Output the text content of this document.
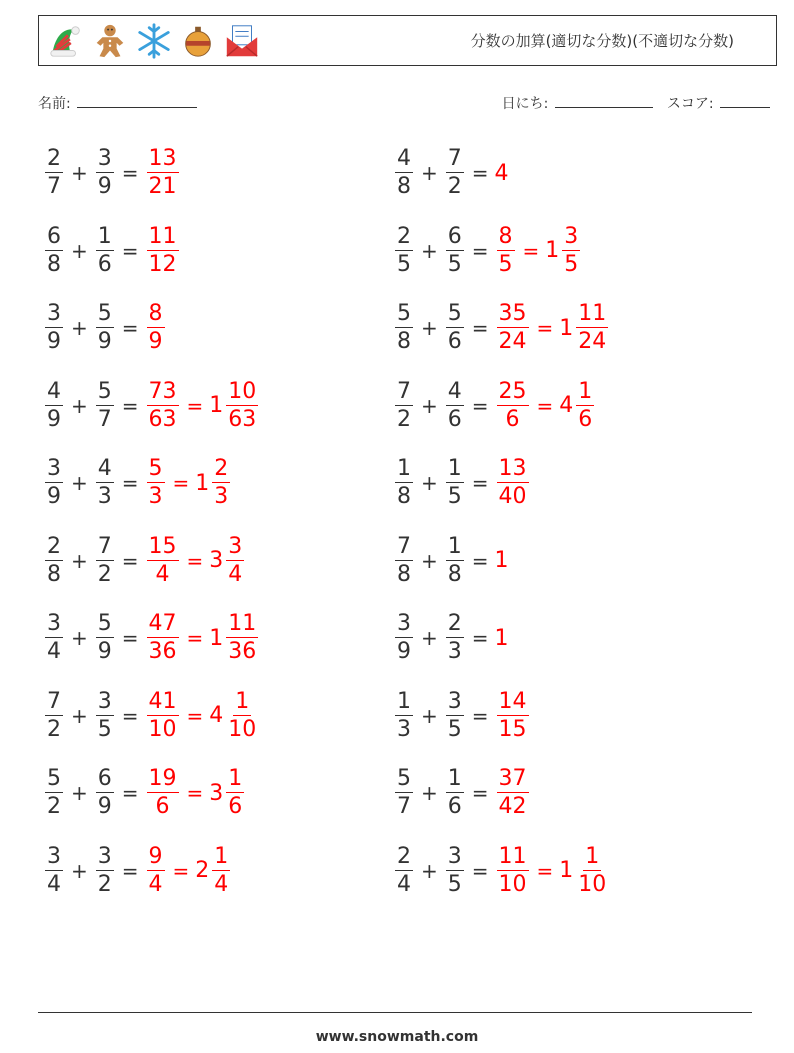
分数の加算(適切な分数)(不適切な分数)
名前:	日にち:	スコア:
$\frac{2}{7} + \frac{3}{9} = \frac{13}{21}$	$\frac{4}{8} + \frac{7}{2} = 4$
$\frac{6}{8} + \frac{1}{6} = \frac{11}{12}$	$\frac{2}{5} + \frac{6}{5} = \frac{8}{5} = 1 \frac{3}{5}$
$\frac{3}{9} + \frac{5}{9} = \frac{8}{9}$	$\frac{5}{8} + \frac{5}{6} = \frac{35}{24} = 1 \frac{11}{24}$
$\frac{4}{9} + \frac{5}{7} = \frac{73}{63} = 1 \frac{10}{63}$	$\frac{7}{2} + \frac{4}{6} = \frac{25}{6} = 4 \frac{1}{6}$
$\frac{3}{9} + \frac{4}{3} = \frac{5}{3} = 1 \frac{2}{3}$	$\frac{1}{8} + \frac{1}{5} = \frac{13}{40}$
$\frac{2}{8} + \frac{7}{2} = \frac{15}{4} = 3 \frac{3}{4}$	$\frac{7}{8} + \frac{1}{8} = 1$
$\frac{3}{4} + \frac{5}{9} = \frac{47}{36} = 1 \frac{11}{36}$	$\frac{3}{9} + \frac{2}{3} = 1$
$\frac{7}{2} + \frac{3}{5} = \frac{41}{10} = 4 \frac{1}{10}$	$\frac{1}{3} + \frac{3}{5} = \frac{14}{15}$
$\frac{5}{2} + \frac{6}{9} = \frac{19}{6} = 3 \frac{1}{6}$	$\frac{5}{7} + \frac{1}{6} = \frac{37}{42}$
$\frac{3}{4} + \frac{3}{2} = \frac{9}{4} = 2 \frac{1}{4}$	$\frac{2}{4} + \frac{3}{5} = \frac{11}{10} = 1 \frac{1}{10}$
www.snowmath.com
